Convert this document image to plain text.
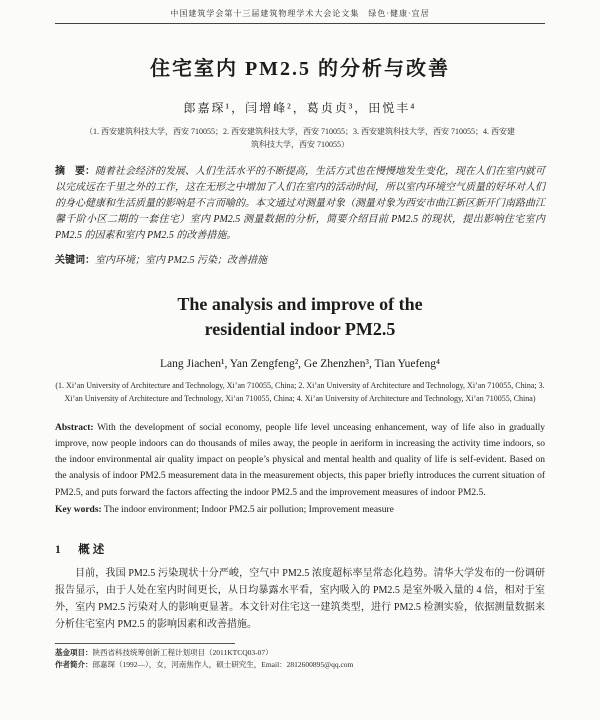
中国建筑学会第十三届建筑物理学术大会论文集　绿色·健康·宜居
住宅室内 PM2.5 的分析与改善
郎嘉琛¹，闫增峰²，葛贞贞³，田悦丰⁴
（1. 西安建筑科技大学，西安 710055；2. 西安建筑科技大学，西安 710055；3. 西安建筑科技大学，西安 710055；4. 西安建筑科技大学，西安 710055）

摘　要：随着社会经济的发展、人们生活水平的不断提高，生活方式也在慢慢地发生变化，现在人们在室内就可以完成远在千里之外的工作，这在无形之中增加了人们在室内的活动时间，所以室内环境空气质量的好坏对人们的身心健康和生活质量的影响是不言而喻的。本文通过对测量对象（测量对象为西安市曲江新区新开门南路曲江馨千阶小区二期的一套住宅）室内 PM2.5 测量数据的分析，简要介绍目前 PM2.5 的现状，提出影响住宅室内 PM2.5 的因素和室内 PM2.5 的改善措施。

关键词：室内环境；室内 PM2.5 污染；改善措施

The analysis and improve of the
residential indoor PM2.5
Lang Jiachen¹, Yan Zengfeng², Ge Zhenzhen³, Tian Yuefeng⁴
(1. Xi’an University of Architecture and Technology, Xi’an 710055, China; 2. Xi’an University of Architecture and Technology, Xi’an 710055, China; 3. Xi’an University of Architecture and Technology, Xi’an 710055, China; 4. Xi’an University of Architecture and Technology, Xi’an 710055, China)

Abstract: With the development of social economy, people life level unceasing enhancement, way of life also in gradually improve, now people indoors can do thousands of miles away, the people in aeriform in increasing the activity time indoors, so the indoor environmental air quality impact on people’s physical and mental health and quality of life is self-evident. Based on the analysis of indoor PM2.5 measurement data in the measurement objects, this paper briefly introduces the current situation of PM2.5, and puts forward the factors affecting the indoor PM2.5 and the improvement measures of indoor PM2.5.

Key words: The indoor environment; Indoor PM2.5 air pollution; Improvement measure

1　概述

目前，我国 PM2.5 污染现状十分严峻，空气中 PM2.5 浓度超标率呈常态化趋势。清华大学发布的一份调研报告显示，由于人处在室内时间更长，从日均暴露水平看，室内吸入的 PM2.5 是室外吸入量的 4 倍，相对于室外，室内 PM2.5 污染对人的影响更显著。本文针对住宅这一建筑类型，进行 PM2.5 检测实验，依据测量数据来分析住宅室内 PM2.5 的影响因素和改善措施。

基金项目：陕西省科技统筹创新工程计划项目（2011KTCQ03-07）

作者简介：郎嘉琛（1992—），女，河南焦作人，硕士研究生，Email：2812600895@qq.com
